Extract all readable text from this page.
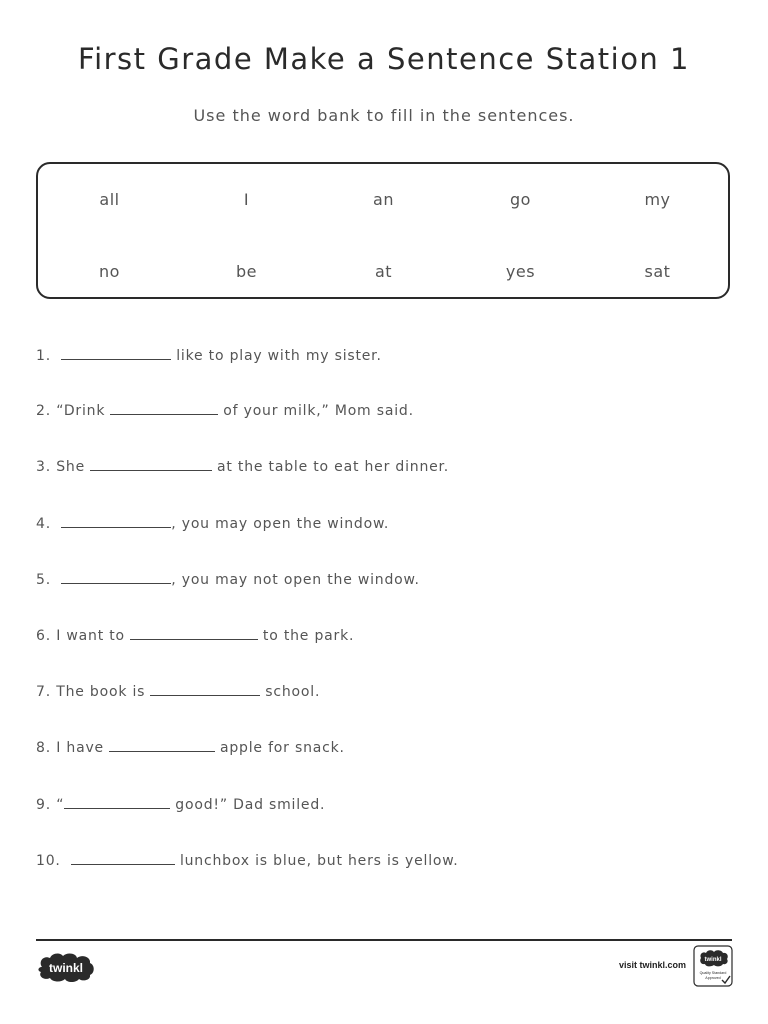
First Grade Make a Sentence Station 1
Use the word bank to fill in the sentences.
all	I	an	go	my
no	be	at	yes	sat
1.	like to play with my sister.
2. “Drink	of your milk,” Mom said.
3. She	at the table to eat her dinner.
4.	, you may open the window.
5.	, you may not open the window.
6. I want to	to the park.
7. The book is	school.
8. I have	apple for snack.
9. “	good!” Dad smiled.
10.	lunchbox is blue, but hers is yellow.
twinkl	visit twinkl.com	twinkl
Quality Standard
Approved
